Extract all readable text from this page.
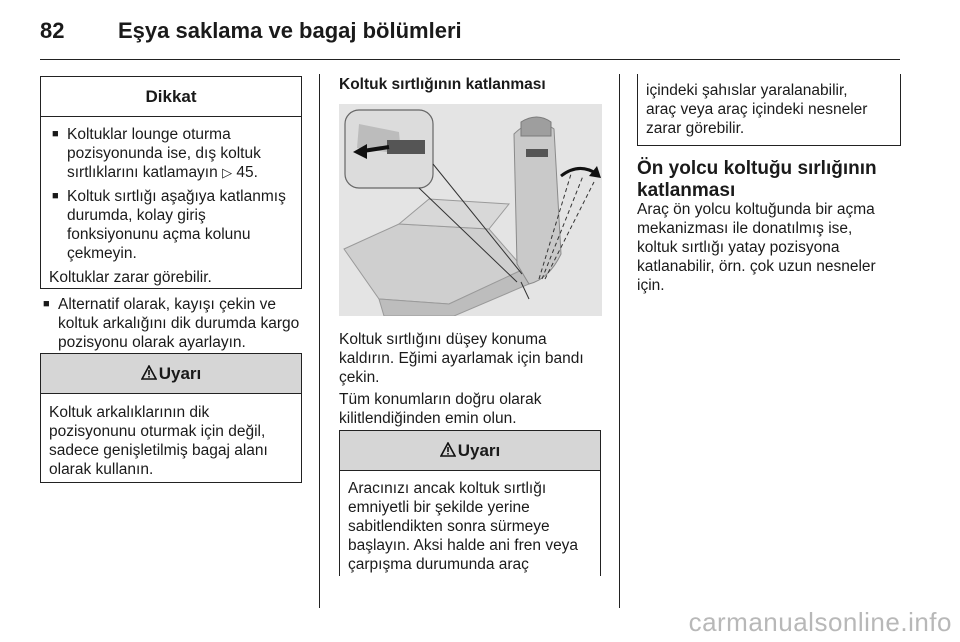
82 Eşya saklama ve bagaj bölümleri
Dikkat
■ Koltuklar lounge oturma
pozisyonunda ise, dış koltuk
sırtlıklarını katlamayın ▷ 45.
■ Koltuk sırtlığı aşağıya katlanmış
durumda, kolay giriş
fonksiyonunu açma kolunu
çekmeyin.
Koltuklar zarar görebilir.
■ Alternatif olarak, kayışı çekin ve
koltuk arkalığını dik durumda kargo
pozisyonu olarak ayarlayın.
Uyarı
Koltuk arkalıklarının dik
pozisyonunu oturmak için değil,
sadece genişletilmiş bagaj alanı
olarak kullanın.
Koltuk sırtlığının katlanması
Koltuk sırtlığını düşey konuma
kaldırın. Eğimi ayarlamak için bandı
çekin.
Tüm konumların doğru olarak
kilitlendiğinden emin olun.
Uyarı
Aracınızı ancak koltuk sırtlığı
emniyetli bir şekilde yerine
sabitlendikten sonra sürmeye
başlayın. Aksi halde ani fren veya
çarpışma durumunda araç
içindeki şahıslar yaralanabilir,
araç veya araç içindeki nesneler
zarar görebilir.
Ön yolcu koltuğu sırlığının
katlanması
Araç ön yolcu koltuğunda bir açma
mekanizması ile donatılmış ise,
koltuk sırtlığı yatay pozisyona
katlanabilir, örn. çok uzun nesneler
için.
carmanualsonline.info
